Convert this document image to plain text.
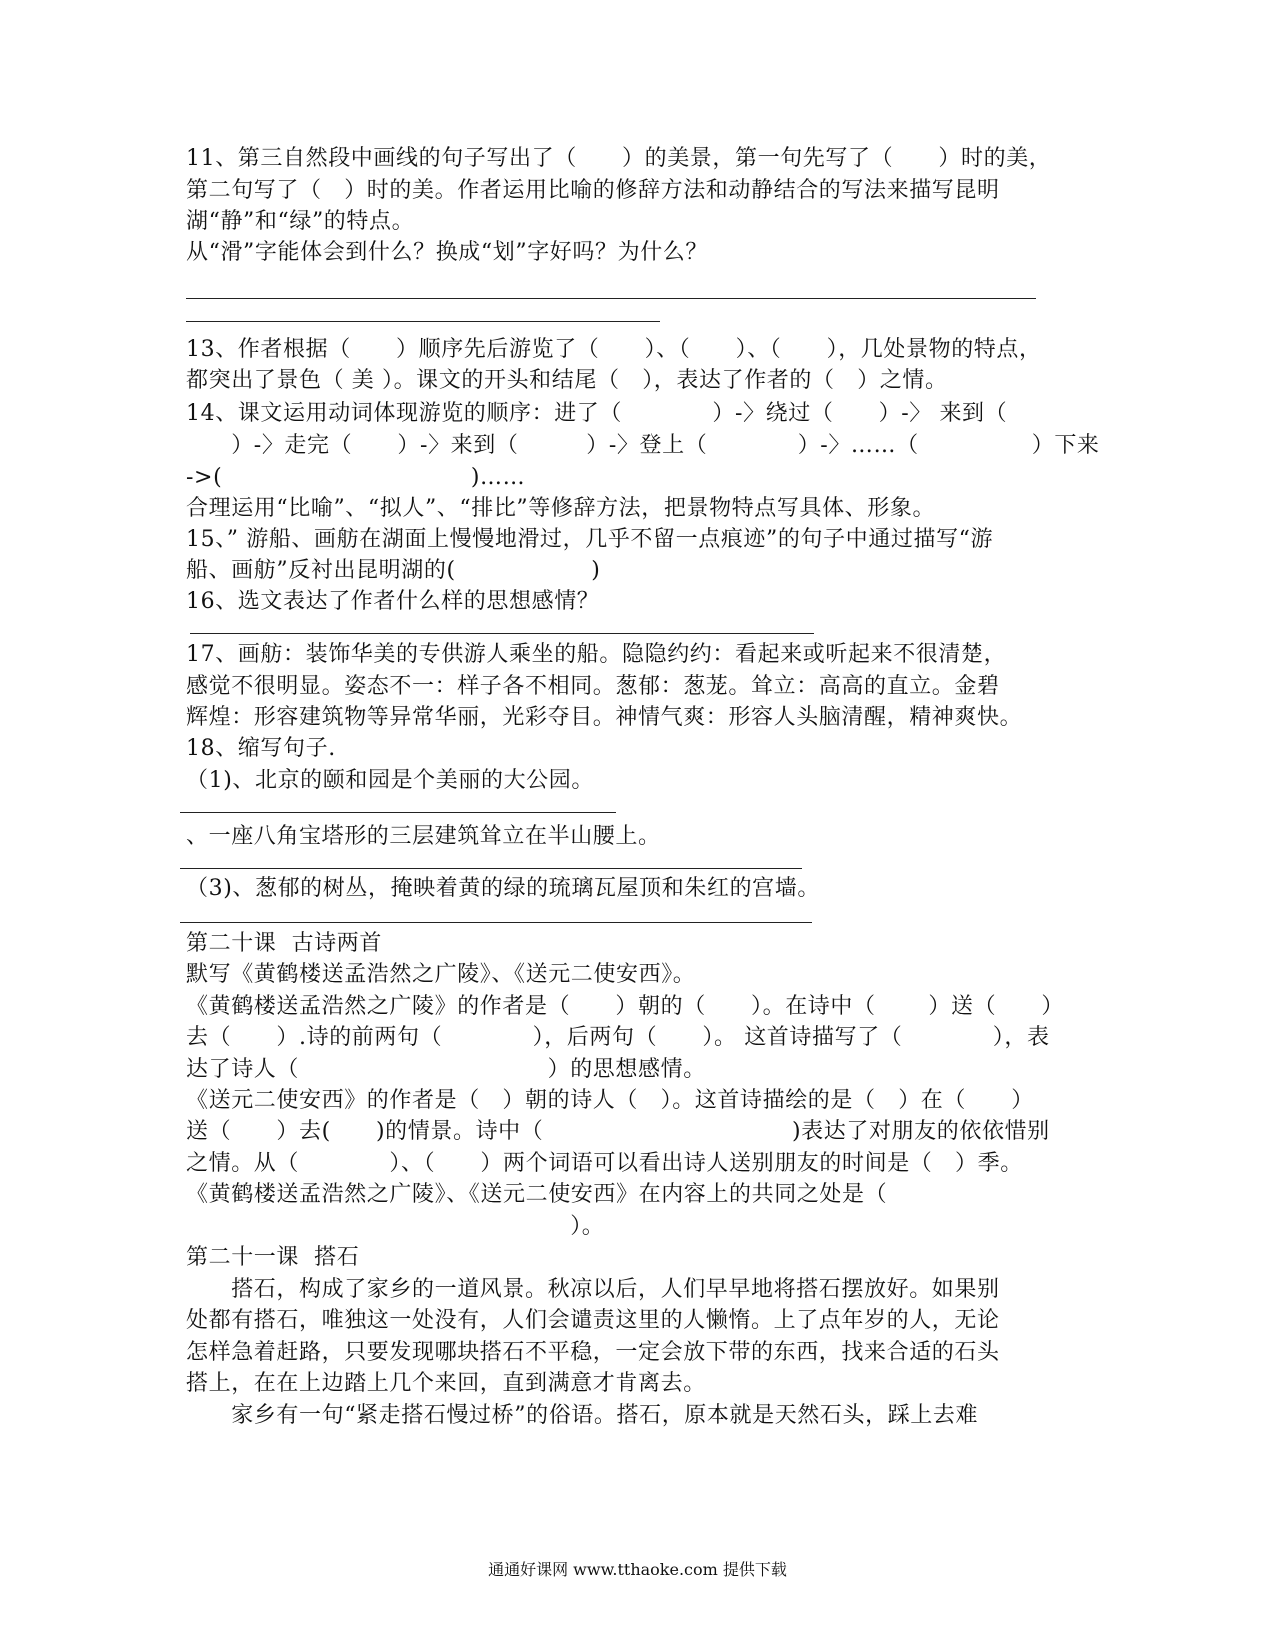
11、第三自然段中画线的句子写出了（　　）的美景，第一句先写了（　　）时的美，
第二句写了（　）时的美。作者运用比喻的修辞方法和动静结合的写法来描写昆明
湖“静”和“绿”的特点。
从“滑”字能体会到什么？换成“划”字好吗？为什么？
13、作者根据（　　）顺序先后游览了（　　）、（　　）、（　　），几处景物的特点，
都突出了景色（ 美 ）。课文的开头和结尾（　），表达了作者的（　）之情。
14、课文运用动词体现游览的顺序：进了（　　　　）-〉绕过（　　）-〉 来到（
　　）-〉走完（　　）-〉来到（　　　）-〉登上（　　　　）-〉……（　　　　　）下来
->(　　　　　　　　　　　)……
合理运用“比喻”、“拟人”、“排比”等修辞方法，把景物特点写具体、形象。
15、” 游船、画舫在湖面上慢慢地滑过，几乎不留一点痕迹”的句子中通过描写“游
船、画舫”反衬出昆明湖的(　　　　　　)
16、选文表达了作者什么样的思想感情？
17、画舫：装饰华美的专供游人乘坐的船。隐隐约约：看起来或听起来不很清楚，
感觉不很明显。姿态不一：样子各不相同。葱郁：葱茏。耸立：高高的直立。金碧
辉煌：形容建筑物等异常华丽，光彩夺目。神情气爽：形容人头脑清醒，精神爽快。
18、缩写句子.
（1)、北京的颐和园是个美丽的大公园。
、一座八角宝塔形的三层建筑耸立在半山腰上。
（3)、葱郁的树丛，掩映着黄的绿的琉璃瓦屋顶和朱红的宫墙。
第二十课  古诗两首
默写《黄鹤楼送孟浩然之广陵》、《送元二使安西》。
《黄鹤楼送孟浩然之广陵》的作者是（　　）朝的（　　）。在诗中（　　 ）送（　　）
去（　　）.诗的前两句（　　　　），后两句（　　）。 这首诗描写了（　　　　），表
达了诗人（　　　　　　　　　　　）的思想感情。
《送元二使安西》的作者是（　）朝的诗人（　）。这首诗描绘的是（　）在（　　）
送（　　）去(　　)的情景。诗中（　　　　　　　　　　　)表达了对朋友的依依惜别
之情。从（　　　　）、（　　）两个词语可以看出诗人送别朋友的时间是（　）季。
《黄鹤楼送孟浩然之广陵》、《送元二使安西》在内容上的共同之处是（
　　　　　　　　　　　　　　　　　）。
第二十一课  搭石
　　搭石，构成了家乡的一道风景。秋凉以后，人们早早地将搭石摆放好。如果别
处都有搭石，唯独这一处没有，人们会谴责这里的人懒惰。上了点年岁的人，无论
怎样急着赶路，只要发现哪块搭石不平稳，一定会放下带的东西，找来合适的石头
搭上，在在上边踏上几个来回，直到满意才肯离去。
　　家乡有一句“紧走搭石慢过桥”的俗语。搭石，原本就是天然石头，踩上去难
通通好课网 www.tthaoke.com 提供下载
